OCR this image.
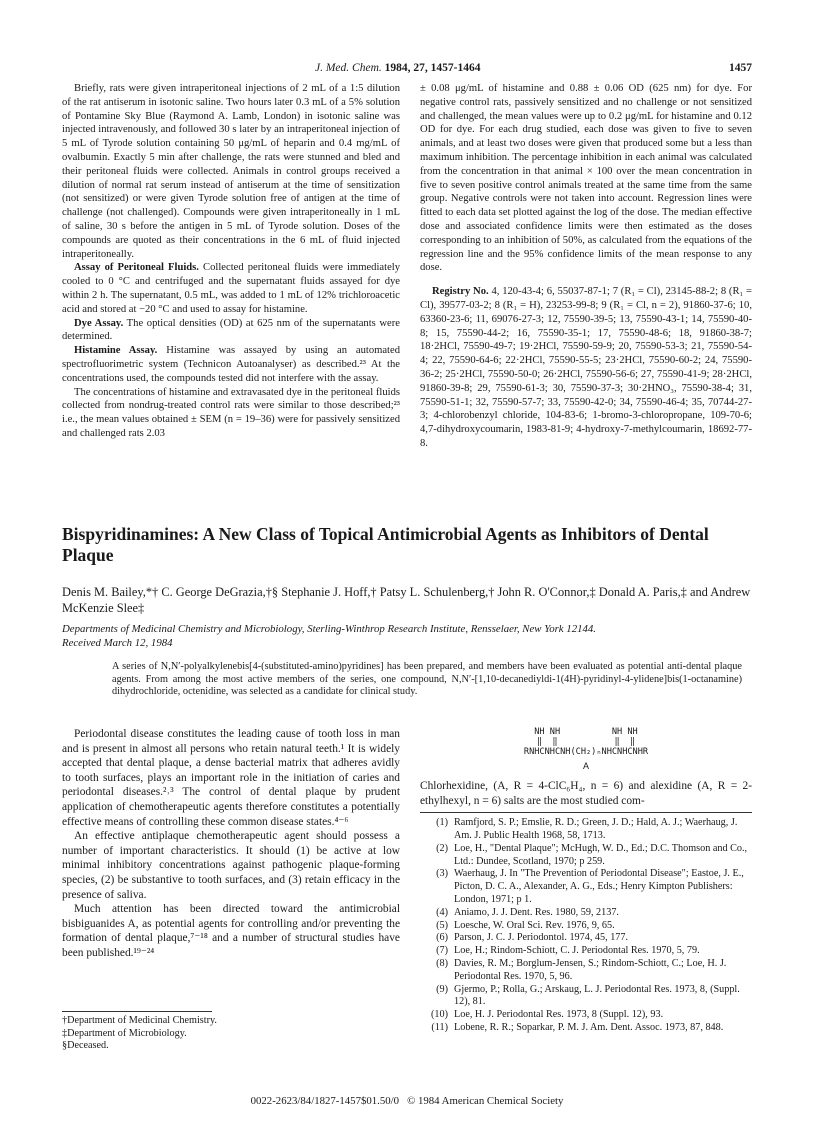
J. Med. Chem. 1984, 27, 1457-1464	1457

Briefly, rats were given intraperitoneal injections of 2 mL of a 1:5 dilution of the rat antiserum in isotonic saline. Two hours later 0.3 mL of a 5% solution of Pontamine Sky Blue (Raymond A. Lamb, London) in isotonic saline was injected intravenously, and followed 30 s later by an intraperitoneal injection of 5 mL of Tyrode solution containing 50 μg/mL of heparin and 0.4 mg/mL of ovalbumin. Exactly 5 min after challenge, the rats were stunned and bled and their peritoneal fluids were collected. Animals in control groups received a dilution of normal rat serum instead of antiserum at the time of sensitization (not sensitized) or were given Tyrode solution free of antigen at the time of challenge (not challenged). Compounds were given intraperitoneally in 1 mL of saline, 30 s before the antigen in 5 mL of Tyrode solution. Doses of the compounds are quoted as their concentrations in the 6 mL of fluid injected intraperitoneally.

Assay of Peritoneal Fluids. Collected peritoneal fluids were immediately cooled to 0 °C and centrifuged and the supernatant fluids assayed for dye within 2 h. The supernatant, 0.5 mL, was added to 1 mL of 12% trichloroacetic acid and stored at −20 °C and used to assay for histamine.

Dye Assay. The optical densities (OD) at 625 nm of the supernatants were determined.

Histamine Assay. Histamine was assayed by using an automated spectrofluorimetric system (Technicon Autoanalyser) as described.²³ At the concentrations used, the compounds tested did not interfere with the assay.

The concentrations of histamine and extravasated dye in the peritoneal fluids collected from nondrug-treated control rats were similar to those described;²³ i.e., the mean values obtained ± SEM (n = 19–36) were for passively sensitized and challenged rats 2.03

± 0.08 μg/mL of histamine and 0.88 ± 0.06 OD (625 nm) for dye. For negative control rats, passively sensitized and no challenge or not sensitized and challenged, the mean values were up to 0.2 μg/mL for histamine and 0.12 OD for dye. For each drug studied, each dose was given to five to seven animals, and at least two doses were given that produced some but a less than maximum inhibition. The percentage inhibition in each animal was calculated from the concentration in that animal × 100 over the mean concentration in five to seven positive control animals treated at the same time from the same group. Negative controls were not taken into account. Regression lines were fitted to each data set plotted against the log of the dose. The median effective dose and associated confidence limits were then estimated as the doses corresponding to an inhibition of 50%, as calculated from the equations of the regression line and the 95% confidence limits of the mean response to any dose.

Registry No. 4, 120-43-4; 6, 55037-87-1; 7 (R₁ = Cl), 23145-88-2; 8 (R₁ = Cl), 39577-03-2; 8 (R₁ = H), 23253-99-8; 9 (R₁ = Cl, n = 2), 91860-37-6; 10, 63360-23-6; 11, 69076-27-3; 12, 75590-39-5; 13, 75590-43-1; 14, 75590-40-8; 15, 75590-44-2; 16, 75590-35-1; 17, 75590-48-6; 18, 91860-38-7; 18·2HCl, 75590-49-7; 19·2HCl, 75590-59-9; 20, 75590-53-3; 21, 75590-54-4; 22, 75590-64-6; 22·2HCl, 75590-55-5; 23·2HCl, 75590-60-2; 24, 75590-36-2; 25·2HCl, 75590-50-0; 26·2HCl, 75590-56-6; 27, 75590-41-9; 28·2HCl, 91860-39-8; 29, 75590-61-3; 30, 75590-37-3; 30·2HNO₃, 75590-38-4; 31, 75590-51-1; 32, 75590-57-7; 33, 75590-42-0; 34, 75590-46-4; 35, 70744-27-3; 4-chlorobenzyl chloride, 104-83-6; 1-bromo-3-chloropropane, 109-70-6; 4,7-dihydroxycoumarin, 1983-81-9; 4-hydroxy-7-methylcoumarin, 18692-77-8.

Bispyridinamines: A New Class of Topical Antimicrobial Agents as Inhibitors of Dental Plaque
Denis M. Bailey,*† C. George DeGrazia,†§ Stephanie J. Hoff,† Patsy L. Schulenberg,† John R. O'Connor,‡ Donald A. Paris,‡ and Andrew McKenzie Slee‡
Departments of Medicinal Chemistry and Microbiology, Sterling-Winthrop Research Institute, Rensselaer, New York 12144.
Received March 12, 1984
A series of N,N′-polyalkylenebis[4-(substituted-amino)pyridines] has been prepared, and members have been evaluated as potential anti-dental plaque agents. From among the most active members of the series, one compound, N,N′-[1,10-decanediyldi-1(4H)-pyridinyl-4-ylidene]bis(1-octanamine) dihydrochloride, octenidine, was selected as a candidate for clinical study.

Periodontal disease constitutes the leading cause of tooth loss in man and is present in almost all persons who retain natural teeth.¹ It is widely accepted that dental plaque, a dense bacterial matrix that adheres avidly to tooth surfaces, plays an important role in the initiation of caries and periodontal diseases.²˒³ The control of dental plaque by prudent application of chemotherapeutic agents therefore constitutes a potentially effective means of controlling these common disease states.⁴⁻⁶

An effective antiplaque chemotherapeutic agent should possess a number of important characteristics. It should (1) be active at low minimal inhibitory concentrations against pathogenic plaque-forming species, (2) be substantive to tooth surfaces, and (3) retain efficacy in the presence of saliva.

Much attention has been directed toward the antimicrobial bisbiguanides A, as potential agents for controlling and/or preventing the formation of dental plaque,⁷⁻¹⁸ and a number of structural studies have been published.¹⁹⁻²⁴

NH NH          NH NH
‖  ‖           ‖  ‖
RNHCNHCNH(CH₂)ₙNHCNHCNHR
A
Chlorhexidine, (A, R = 4-ClC₆H₄, n = 6) and alexidine (A, R = 2-ethylhexyl, n = 6) salts are the most studied com-
(1) Ramfjord, S. P.; Emslie, R. D.; Green, J. D.; Hald, A. J.; Waerhaug, J. Am. J. Public Health 1968, 58, 1713.
(2) Loe, H., "Dental Plaque"; McHugh, W. D., Ed.; D.C. Thomson and Co., Ltd.: Dundee, Scotland, 1970; p 259.
(3) Waerhaug, J. In "The Prevention of Periodontal Disease"; Eastoe, J. E., Picton, D. C. A., Alexander, A. G., Eds.; Henry Kimpton Publishers: London, 1971; p 1.
(4) Aniamo, J. J. Dent. Res. 1980, 59, 2137.
(5) Loesche, W. Oral Sci. Rev. 1976, 9, 65.
(6) Parson, J. C. J. Periodontol. 1974, 45, 177.
(7) Loe, H.; Rindom-Schiott, C. J. Periodontal Res. 1970, 5, 79.
(8) Davies, R. M.; Borglum-Jensen, S.; Rindom-Schiott, C.; Loe, H. J. Periodontal Res. 1970, 5, 96.
(9) Gjermo, P.; Rolla, G.; Arskaug, L. J. Periodontal Res. 1973, 8, (Suppl. 12), 81.
(10) Loe, H. J. Periodontal Res. 1973, 8 (Suppl. 12), 93.
(11) Lobene, R. R.; Soparkar, P. M. J. Am. Dent. Assoc. 1973, 87, 848.
†Department of Medicinal Chemistry.
‡Department of Microbiology.
§Deceased.
0022-2623/84/1827-1457$01.50/0 © 1984 American Chemical Society
